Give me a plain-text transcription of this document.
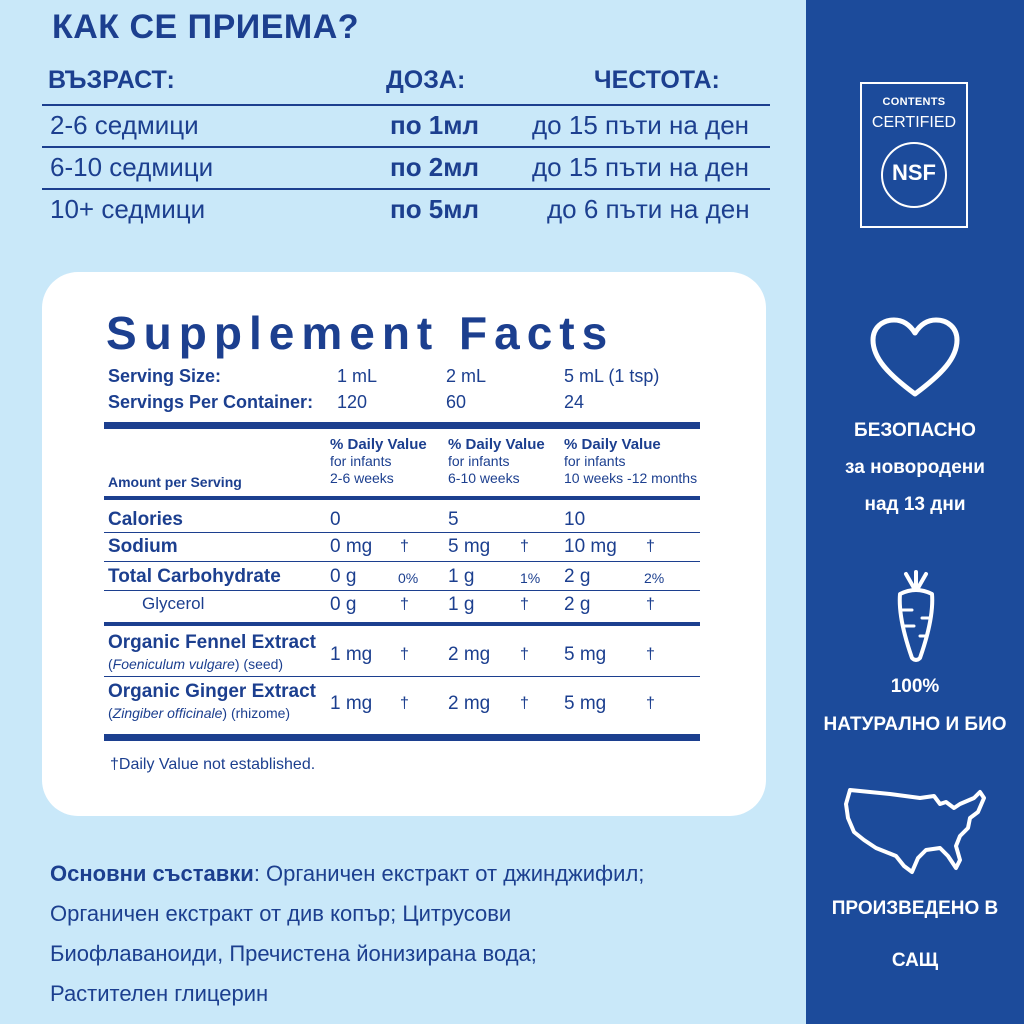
КАК СЕ ПРИЕМА?
ВЪЗРАСТ:	ДОЗА:	ЧЕСТОТА:
2-6 седмици	по 1мл до 15 пъти на ден
6-10 седмици	по 2мл до 15 пъти на ден
10+ седмици	по 5мл	до 6 пъти на ден
Supplement Facts
Serving Size:	1 mL	2 mL	5 mL (1 tsp)
Servings Per Container: 120	60	24
Amount per Serving
% Daily Value
for infants
2-6 weeks
% Daily Value
for infants
6-10 weeks
% Daily Value
for infants
10 weeks -12 months
Calories	0	5	10
Sodium	0 mg † 5 mg † 10 mg †
Total Carbohydrate	0 g	0% 1 g	1% 2 g	2%
Glycerol	0 g	† 1 g	† 2 g	†
Organic Fennel Extract
(Foeniculum vulgare) (seed) 1 mg † 2 mg † 5 mg †
Organic Ginger Extract
(Zingiber officinale) (rhizome) 1 mg † 2 mg † 5 mg †
†Daily Value not established.
Основни съставки: Органичен екстракт от джинджифил;
Органичен екстракт от див копър; Цитрусови
Биофлаваноиди, Пречистена йонизирана вода;
Растителен глицерин
CONTENTS
CERTIFIED
NSF
БЕЗОПАСНО
за новородени
над 13 дни
100%
НАТУРАЛНО И БИО
ПРОИЗВЕДЕНО В
САЩ
